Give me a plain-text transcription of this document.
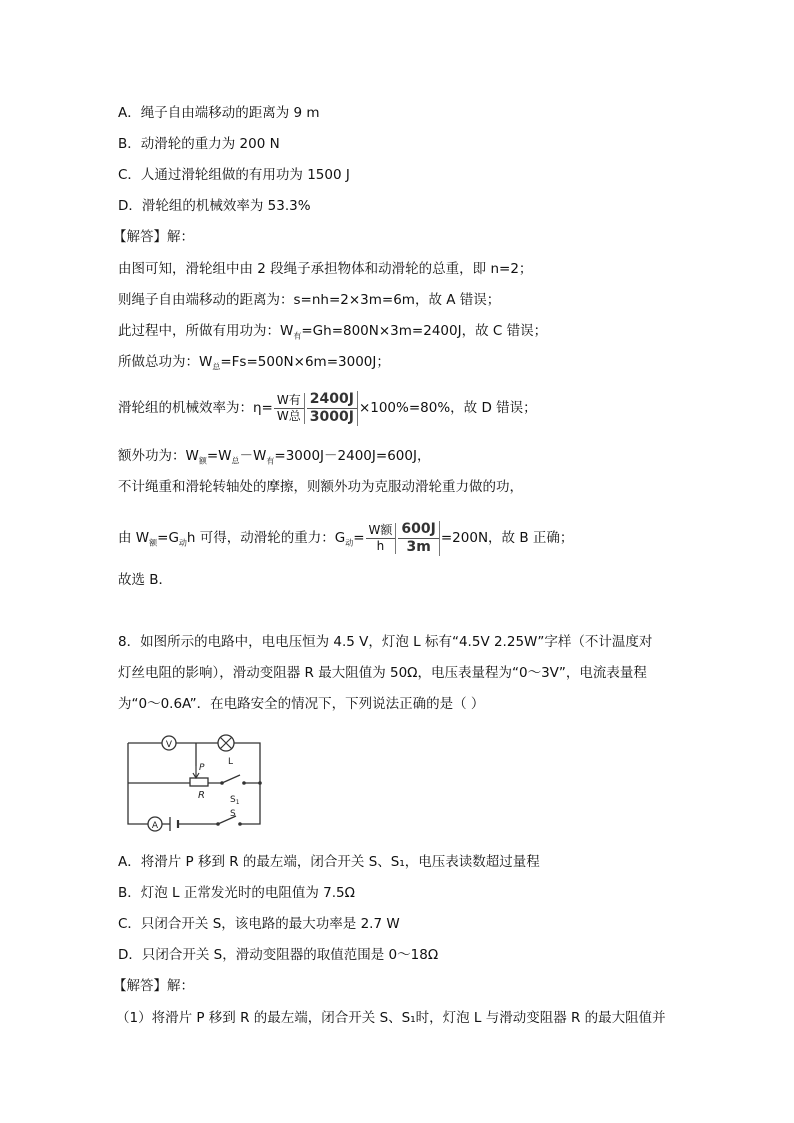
A．绳子自由端移动的距离为 9 m
B．动滑轮的重力为 200 N
C．人通过滑轮组做的有用功为 1500 J
D．滑轮组的机械效率为 53.3%
【解答】解：
由图可知，滑轮组中由 2 段绳子承担物体和动滑轮的总重，即 n=2；
则绳子自由端移动的距离为：s=nh=2×3m=6m，故 A 错误；
此过程中，所做有用功为：$W_有=Gh=800N\times 3m=2400J$，故 C 错误；
所做总功为：$W_总=Fs=500N\times 6m=3000J$；
滑轮组的机械效率为：$\eta= \frac{\text{W有}}{\text{W总}} \frac{2400J}{3000J} \times 100\%=80\%$，故 D 错误；
额外功为：$W_额=W_总-W_有=3000J-2400J=600J$，
不计绳重和滑轮转轴处的摩擦，则额外功为克服动滑轮重力做的功，
由 $W_额=G_动h$ 可得，动滑轮的重力：$G_动= \frac{\text{W额}}{h} \frac{600J}{3m} =200N$，故 B 正确；
故选 B．
8．如图所示的电路中，电电压恒为 4.5 V，灯泡 L 标有“4.5V 2.25W”字样（不计温度对
灯丝电阻的影响），滑动变阻器 R 最大阻值为 50Ω，电压表量程为“0～3V”，电流表量程
为“0～0.6A”．在电路安全的情况下，下列说法正确的是（ ）
V
L
P
R	$S_1$
A
S
A．将滑片 P 移到 R 的最左端，闭合开关 S、S₁，电压表读数超过量程
B．灯泡 L 正常发光时的电阻值为 7.5Ω
C．只闭合开关 S，该电路的最大功率是 2.7 W
D．只闭合开关 S，滑动变阻器的取值范围是 0～18Ω
【解答】解：
（1）将滑片 P 移到 R 的最左端，闭合开关 S、S₁时，灯泡 L 与滑动变阻器 R 的最大阻值并
